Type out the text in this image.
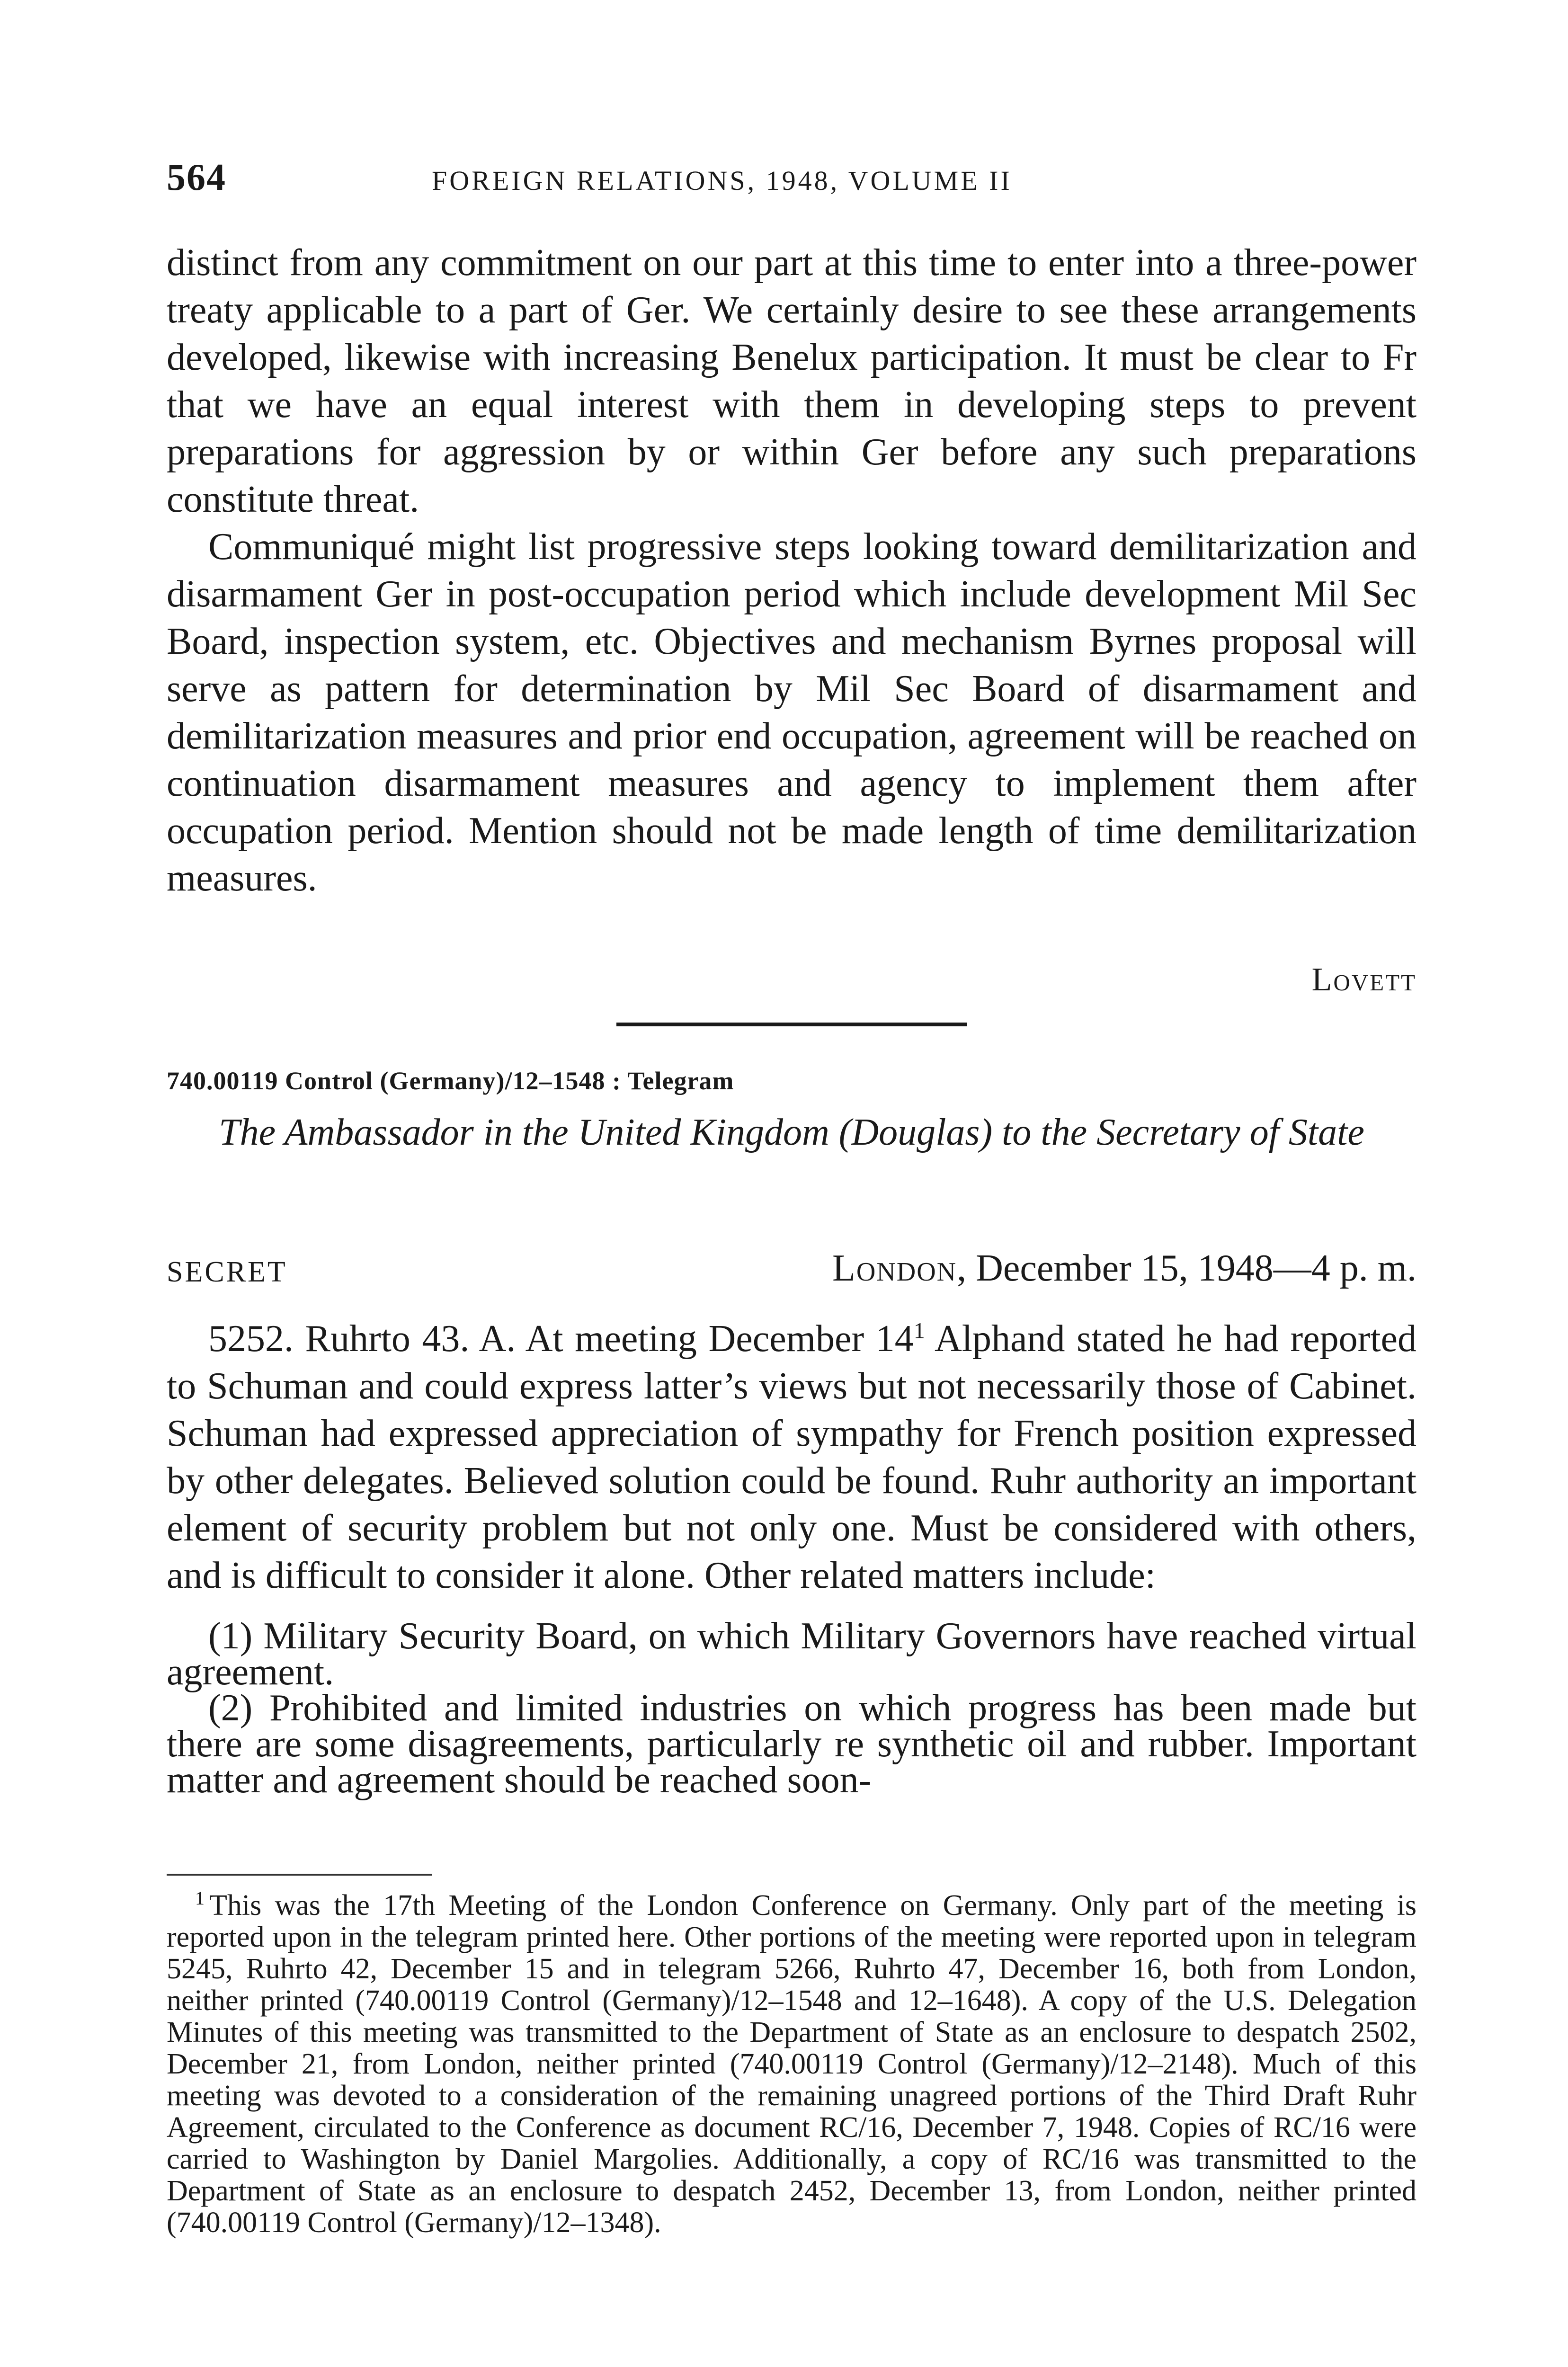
564	FOREIGN RELATIONS, 1948, VOLUME II

distinct from any commitment on our part at this time to enter into a three-power treaty applicable to a part of Ger. We certainly desire to see these arrangements developed, likewise with increasing Benelux participation. It must be clear to Fr that we have an equal interest with them in developing steps to prevent preparations for aggression by or within Ger before any such preparations constitute threat.

Communiqué might list progressive steps looking toward demilitarization and disarmament Ger in post-occupation period which include development Mil Sec Board, inspection system, etc. Objectives and mechanism Byrnes proposal will serve as pattern for determination by Mil Sec Board of disarmament and demilitarization measures and prior end occupation, agreement will be reached on continuation disarmament measures and agency to implement them after occupation period. Mention should not be made length of time demilitarization measures.

Lovett
740.00119 Control (Germany)/12–1548 : Telegram
The Ambassador in the United Kingdom (Douglas) to the Secretary of State
SECRET	London, December 15, 1948—4 p. m.

5252. Ruhrto 43. A. At meeting December 14$^1$ Alphand stated he had reported to Schuman and could express latter’s views but not necessarily those of Cabinet. Schuman had expressed appreciation of sympathy for French position expressed by other delegates. Believed solution could be found. Ruhr authority an important element of security problem but not only one. Must be considered with others, and is difficult to consider it alone. Other related matters include:

(1) Military Security Board, on which Military Governors have reached virtual agreement.

(2) Prohibited and limited industries on which progress has been made but there are some disagreements, particularly re synthetic oil and rubber. Important matter and agreement should be reached soon-

$^1$ This was the 17th Meeting of the London Conference on Germany. Only part of the meeting is reported upon in the telegram printed here. Other portions of the meeting were reported upon in telegram 5245, Ruhrto 42, December 15 and in telegram 5266, Ruhrto 47, December 16, both from London, neither printed (740.00119 Control (Germany)/12–1548 and 12–1648). A copy of the U.S. Delegation Minutes of this meeting was transmitted to the Department of State as an enclosure to despatch 2502, December 21, from London, neither printed (740.00119 Control (Germany)/12–2148). Much of this meeting was devoted to a consideration of the remaining unagreed portions of the Third Draft Ruhr Agreement, circulated to the Conference as document RC/16, December 7, 1948. Copies of RC/16 were carried to Washington by Daniel Margolies. Additionally, a copy of RC/16 was transmitted to the Department of State as an enclosure to despatch 2452, December 13, from London, neither printed (740.00119 Control (Germany)/12–1348).
